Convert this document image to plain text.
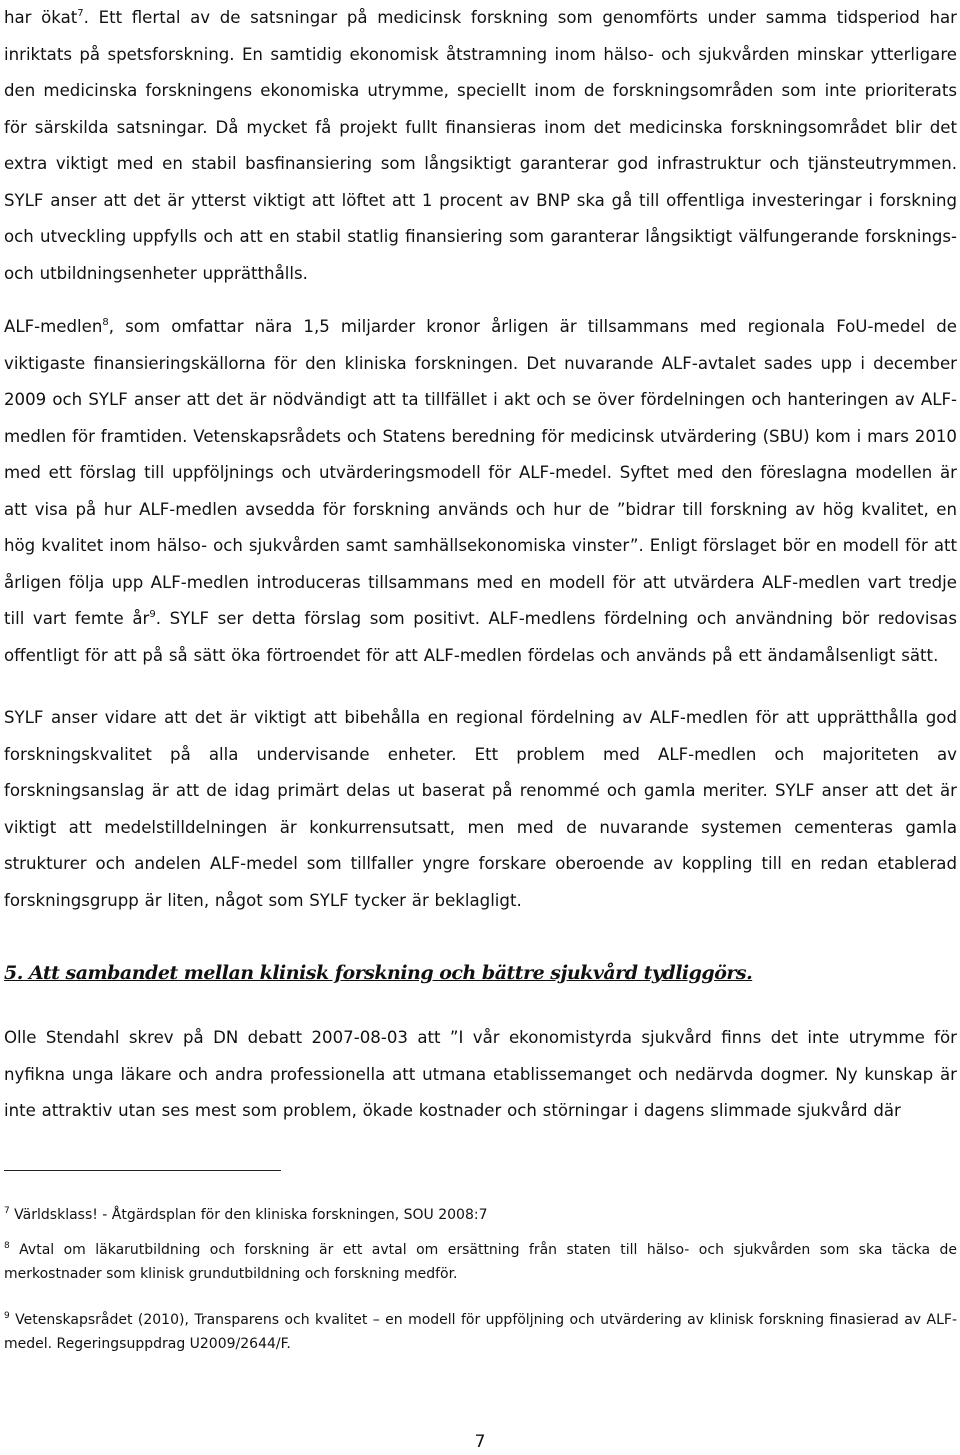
har ökat$^7$. Ett flertal av de satsningar på medicinsk forskning som genomförts under samma tidsperiod har inriktats på spetsforskning. En samtidig ekonomisk åtstramning inom hälso- och sjukvården minskar ytterligare den medicinska forskningens ekonomiska utrymme, speciellt inom de forskningsområden som inte prioriterats för särskilda satsningar. Då mycket få projekt fullt finansieras inom det medicinska forskningsområdet blir det extra viktigt med en stabil basfinansiering som långsiktigt garanterar god infrastruktur och tjänsteutrymmen. SYLF anser att det är ytterst viktigt att löftet att 1 procent av BNP ska gå till offentliga investeringar i forskning och utveckling uppfylls och att en stabil statlig finansiering som garanterar långsiktigt välfungerande forsknings- och utbildningsenheter upprätthålls.

ALF-medlen$^8$, som omfattar nära 1,5 miljarder kronor årligen är tillsammans med regionala FoU-medel de viktigaste finansieringskällorna för den kliniska forskningen. Det nuvarande ALF-avtalet sades upp i december 2009 och SYLF anser att det är nödvändigt att ta tillfället i akt och se över fördelningen och hanteringen av ALF-medlen för framtiden. Vetenskapsrådets och Statens beredning för medicinsk utvärdering (SBU) kom i mars 2010 med ett förslag till uppföljnings och utvärderingsmodell för ALF-medel. Syftet med den föreslagna modellen är att visa på hur ALF-medlen avsedda för forskning används och hur de ”bidrar till forskning av hög kvalitet, en hög kvalitet inom hälso- och sjukvården samt samhällsekonomiska vinster”. Enligt förslaget bör en modell för att årligen följa upp ALF-medlen introduceras tillsammans med en modell för att utvärdera ALF-medlen vart tredje till vart femte $år^9$. SYLF ser detta förslag som positivt. ALF-medlens fördelning och användning bör redovisas offentligt för att på så sätt öka förtroendet för att ALF-medlen fördelas och används på ett ändamålsenligt sätt.

SYLF anser vidare att det är viktigt att bibehålla en regional fördelning av ALF-medlen för att upprätthålla god forskningskvalitet på alla undervisande enheter. Ett problem med ALF-medlen och majoriteten av forskningsanslag är att de idag primärt delas ut baserat på renommé och gamla meriter. SYLF anser att det är viktigt att medelstilldelningen är konkurrensutsatt, men med de nuvarande systemen cementeras gamla strukturer och andelen ALF-medel som tillfaller yngre forskare oberoende av koppling till en redan etablerad forskningsgrupp är liten, något som SYLF tycker är beklagligt.

5. Att sambandet mellan klinisk forskning och bättre sjukvård tydliggörs.

Olle Stendahl skrev på DN debatt 2007-08-03 att ”I vår ekonomistyrda sjukvård finns det inte utrymme för nyfikna unga läkare och andra professionella att utmana etablissemanget och nedärvda dogmer. Ny kunskap är inte attraktiv utan ses mest som problem, ökade kostnader och störningar i dagens slimmade sjukvård där

$^7$ Världsklass! - Åtgärdsplan för den kliniska forskningen, SOU 2008:7

$^8$ Avtal om läkarutbildning och forskning är ett avtal om ersättning från staten till hälso- och sjukvården som ska täcka de merkostnader som klinisk grundutbildning och forskning medför.

$^9$ Vetenskapsrådet (2010), Transparens och kvalitet – en modell för uppföljning och utvärdering av klinisk forskning finasierad av ALF-medel. Regeringsuppdrag U2009/2644/F.

7
